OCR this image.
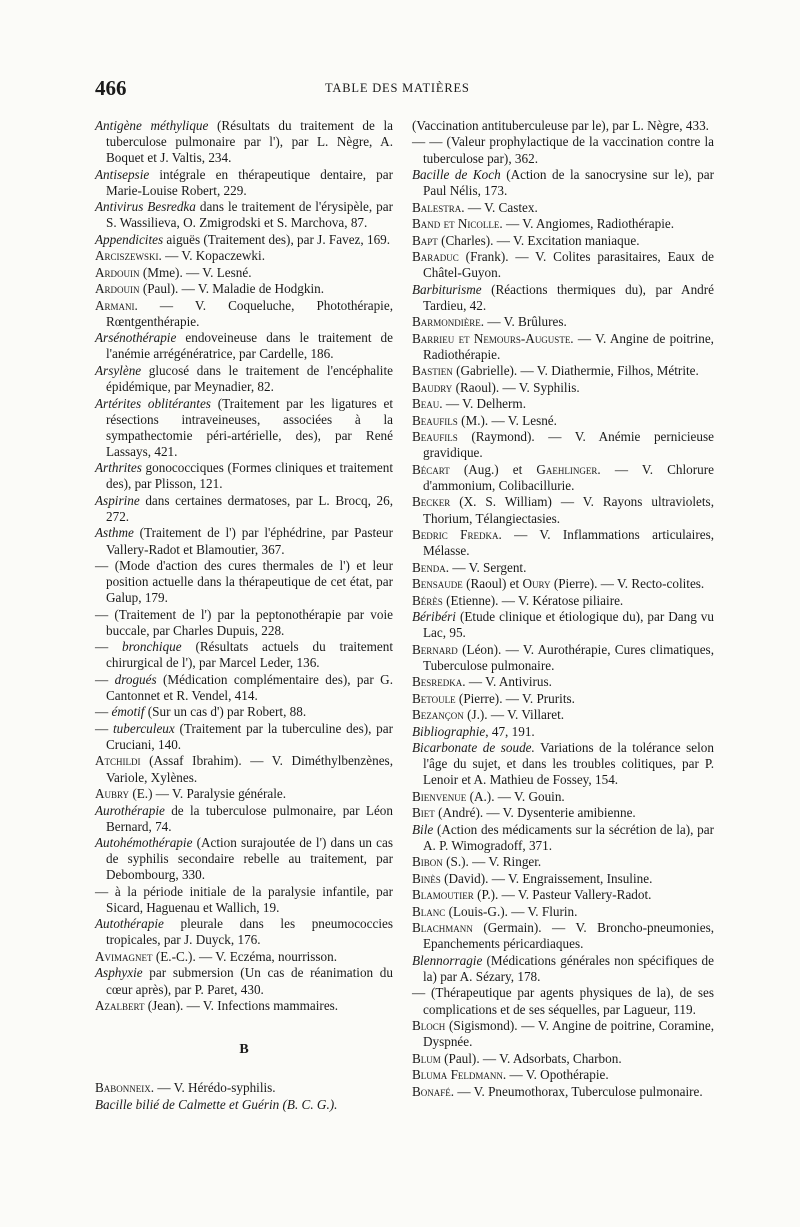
466	TABLE DES MATIÈRES

Antigène méthylique (Résultats du traitement de la tuberculose pulmonaire par l'), par L. Nègre, A. Boquet et J. Valtis, 234.

Antisepsie intégrale en thérapeutique dentaire, par Marie-Louise Robert, 229.

Antivirus Besredka dans le traitement de l'érysipèle, par S. Wassilieva, O. Zmigrodski et S. Marchova, 87.

Appendicites aiguës (Traitement des), par J. Favez, 169.

Arciszewski. — V. Kopaczewki.

Ardouin (Mme). — V. Lesné.

Ardouin (Paul). — V. Maladie de Hodgkin.

Armani. — V. Coqueluche, Photothérapie, Rœntgenthérapie.

Arsénothérapie endoveineuse dans le traitement de l'anémie arrégénératrice, par Cardelle, 186.

Arsylène glucosé dans le traitement de l'encéphalite épidémique, par Meynadier, 82.

Artérites oblitérantes (Traitement par les ligatures et résections intraveineuses, associées à la sympathectomie péri-artérielle, des), par René Lassays, 421.

Arthrites gonococciques (Formes cliniques et traitement des), par Plisson, 121.

Aspirine dans certaines dermatoses, par L. Brocq, 26, 272.

Asthme (Traitement de l') par l'éphédrine, par Pasteur Vallery-Radot et Blamoutier, 367.

— (Mode d'action des cures thermales de l') et leur position actuelle dans la thérapeutique de cet état, par Galup, 179.

— (Traitement de l') par la peptonothérapie par voie buccale, par Charles Dupuis, 228.

— bronchique (Résultats actuels du traitement chirurgical de l'), par Marcel Leder, 136.

— drogués (Médication complémentaire des), par G. Cantonnet et R. Vendel, 414.

— émotif (Sur un cas d') par Robert, 88.

— tuberculeux (Traitement par la tuberculine des), par Cruciani, 140.

Atchildi (Assaf Ibrahim). — V. Diméthylbenzènes, Variole, Xylènes.

Aubry (E.) — V. Paralysie générale.

Aurothérapie de la tuberculose pulmonaire, par Léon Bernard, 74.

Autohémothérapie (Action surajoutée de l') dans un cas de syphilis secondaire rebelle au traitement, par Debombourg, 330.

— à la période initiale de la paralysie infantile, par Sicard, Haguenau et Wallich, 19.

Autothérapie pleurale dans les pneumococcies tropicales, par J. Duyck, 176.

Avimagnet (E.-C.). — V. Eczéma, nourrisson.

Asphyxie par submersion (Un cas de réanimation du cœur après), par P. Paret, 430.

Azalbert (Jean). — V. Infections mammaires.

B

Babonneix. — V. Hérédo-syphilis.

Bacille bilié de Calmette et Guérin (B. C. G.).

(Vaccination antituberculeuse par le), par L. Nègre, 433.

— — (Valeur prophylactique de la vaccination contre la tuberculose par), 362.

Bacille de Koch (Action de la sanocrysine sur le), par Paul Nélis, 173.

Balestra. — V. Castex.

Band et Nicolle. — V. Angiomes, Radiothérapie.

Bapt (Charles). — V. Excitation maniaque.

Baraduc (Frank). — V. Colites parasitaires, Eaux de Châtel-Guyon.

Barbiturisme (Réactions thermiques du), par André Tardieu, 42.

Barmondière. — V. Brûlures.

Barrieu et Nemours-Auguste. — V. Angine de poitrine, Radiothérapie.

Bastien (Gabrielle). — V. Diathermie, Filhos, Métrite.

Baudry (Raoul). — V. Syphilis.

Beau. — V. Delherm.

Beaufils (M.). — V. Lesné.

Beaufils (Raymond). — V. Anémie pernicieuse gravidique.

Bécart (Aug.) et Gaehlinger. — V. Chlorure d'ammonium, Colibacillurie.

Becker (X. S. William) — V. Rayons ultraviolets, Thorium, Télangiectasies.

Bedric Fredka. — V. Inflammations articulaires, Mélasse.

Benda. — V. Sergent.

Bensaude (Raoul) et Oury (Pierre). — V. Recto-colites.

Bérès (Etienne). — V. Kératose piliaire.

Béribéri (Etude clinique et étiologique du), par Dang vu Lac, 95.

Bernard (Léon). — V. Aurothérapie, Cures climatiques, Tuberculose pulmonaire.

Besredka. — V. Antivirus.

Betoule (Pierre). — V. Prurits.

Bezançon (J.). — V. Villaret.

Bibliographie, 47, 191.

Bicarbonate de soude. Variations de la tolérance selon l'âge du sujet, et dans les troubles colitiques, par P. Lenoir et A. Mathieu de Fossey, 154.

Bienvenue (A.). — V. Gouin.

Biet (André). — V. Dysenterie amibienne.

Bile (Action des médicaments sur la sécrétion de la), par A. P. Wimogradoff, 371.

Bibon (S.). — V. Ringer.

Binès (David). — V. Engraissement, Insuline.

Blamoutier (P.). — V. Pasteur Vallery-Radot.

Blanc (Louis-G.). — V. Flurin.

Blachmann (Germain). — V. Broncho-pneumonies, Epanchements péricardiaques.

Blennorragie (Médications générales non spécifiques de la) par A. Sézary, 178.

— (Thérapeutique par agents physiques de la), de ses complications et de ses séquelles, par Lagueur, 119.

Bloch (Sigismond). — V. Angine de poitrine, Coramine, Dyspnée.

Blum (Paul). — V. Adsorbats, Charbon.

Bluma Feldmann. — V. Opothérapie.

Bonafé. — V. Pneumothorax, Tuberculose pulmonaire.
